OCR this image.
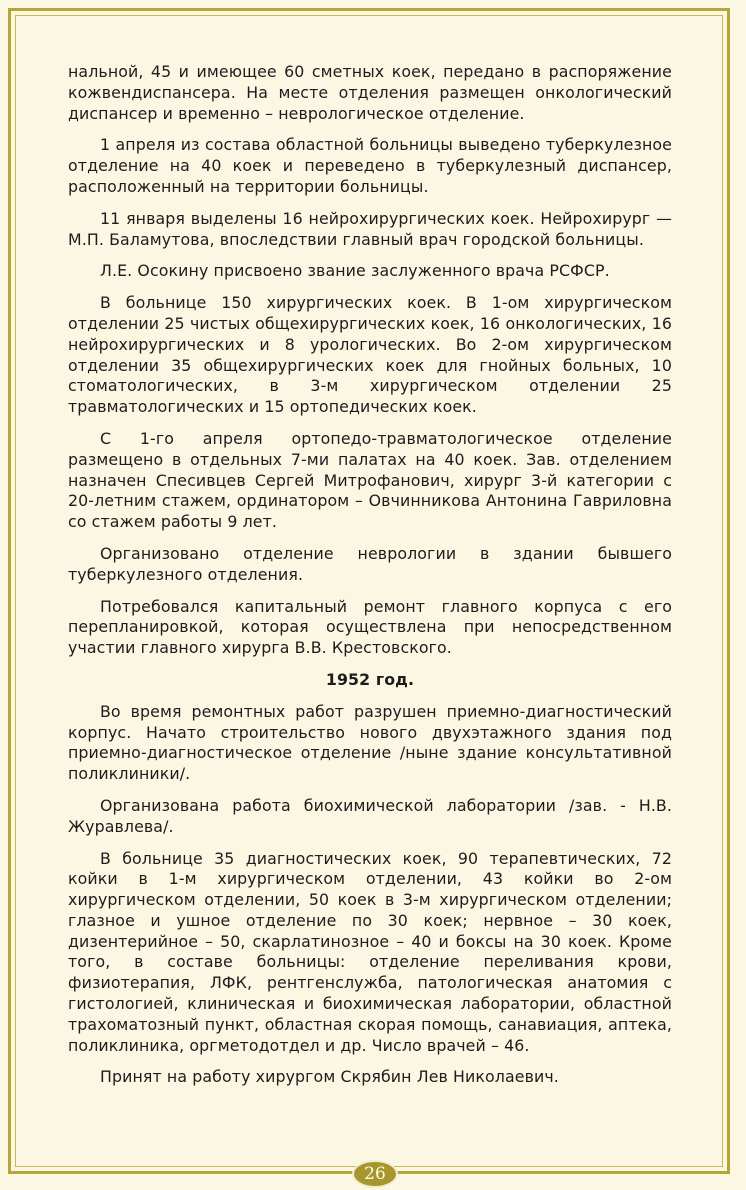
нальной, 45 и имеющее 60 сметных коек, передано в распоряжение кожвендиспансера. На месте отделения размещен онкологический диспансер и временно – неврологическое отделение.

1 апреля из состава областной больницы выведено туберкулезное отделение на 40 коек и переведено в туберкулезный диспансер, расположенный на территории больницы.

11 января выделены 16 нейрохирургических коек. Нейрохирург — М.П. Баламутова, впоследствии главный врач городской больницы.

Л.Е. Осокину присвоено звание заслуженного врача РСФСР.

В больнице 150 хирургических коек. В 1-ом хирургическом отделении 25 чистых общехирургических коек, 16 онкологических, 16 нейрохирургических и 8 урологических. Во 2-ом хирургическом отделении 35 общехирургических коек для гнойных больных, 10 стоматологических, в 3-м хирургическом отделении 25 травматологических и 15 ортопедических коек.

С 1-го апреля ортопедо-травматологическое отделение размещено в отдельных 7-ми палатах на 40 коек. Зав. отделением назначен Спесивцев Сергей Митрофанович, хирург 3-й категории с 20-летним стажем, ординатором – Овчинникова Антонина Гавриловна со стажем работы 9 лет.

Организовано отделение неврологии в здании бывшего туберкулезного отделения.

Потребовался капитальный ремонт главного корпуса с его перепланировкой, которая осуществлена при непосредственном участии главного хирурга В.В. Крестовского.

1952 год.

Во время ремонтных работ разрушен приемно-диагностический корпус. Начато строительство нового двухэтажного здания под приемно-диагностическое отделение /ныне здание консультативной поликлиники/.

Организована работа биохимической лаборатории /зав. - Н.В. Журавлева/.

В больнице 35 диагностических коек, 90 терапевтических, 72 койки в 1-м хирургическом отделении, 43 койки во 2-ом хирургическом отделении, 50 коек в 3-м хирургическом отделении; глазное и ушное отделение по 30 коек; нервное – 30 коек, дизентерийное – 50, скарлатинозное – 40 и боксы на 30 коек. Кроме того, в составе больницы: отделение переливания крови, физиотерапия, ЛФК, рентгенслужба, патологическая анатомия с гистологией, клиническая и биохимическая лаборатории, областной трахоматозный пункт, областная скорая помощь, санавиация, аптека, поликлиника, оргметодотдел и др. Число врачей – 46.

Принят на работу хирургом Скрябин Лев Николаевич.

26
